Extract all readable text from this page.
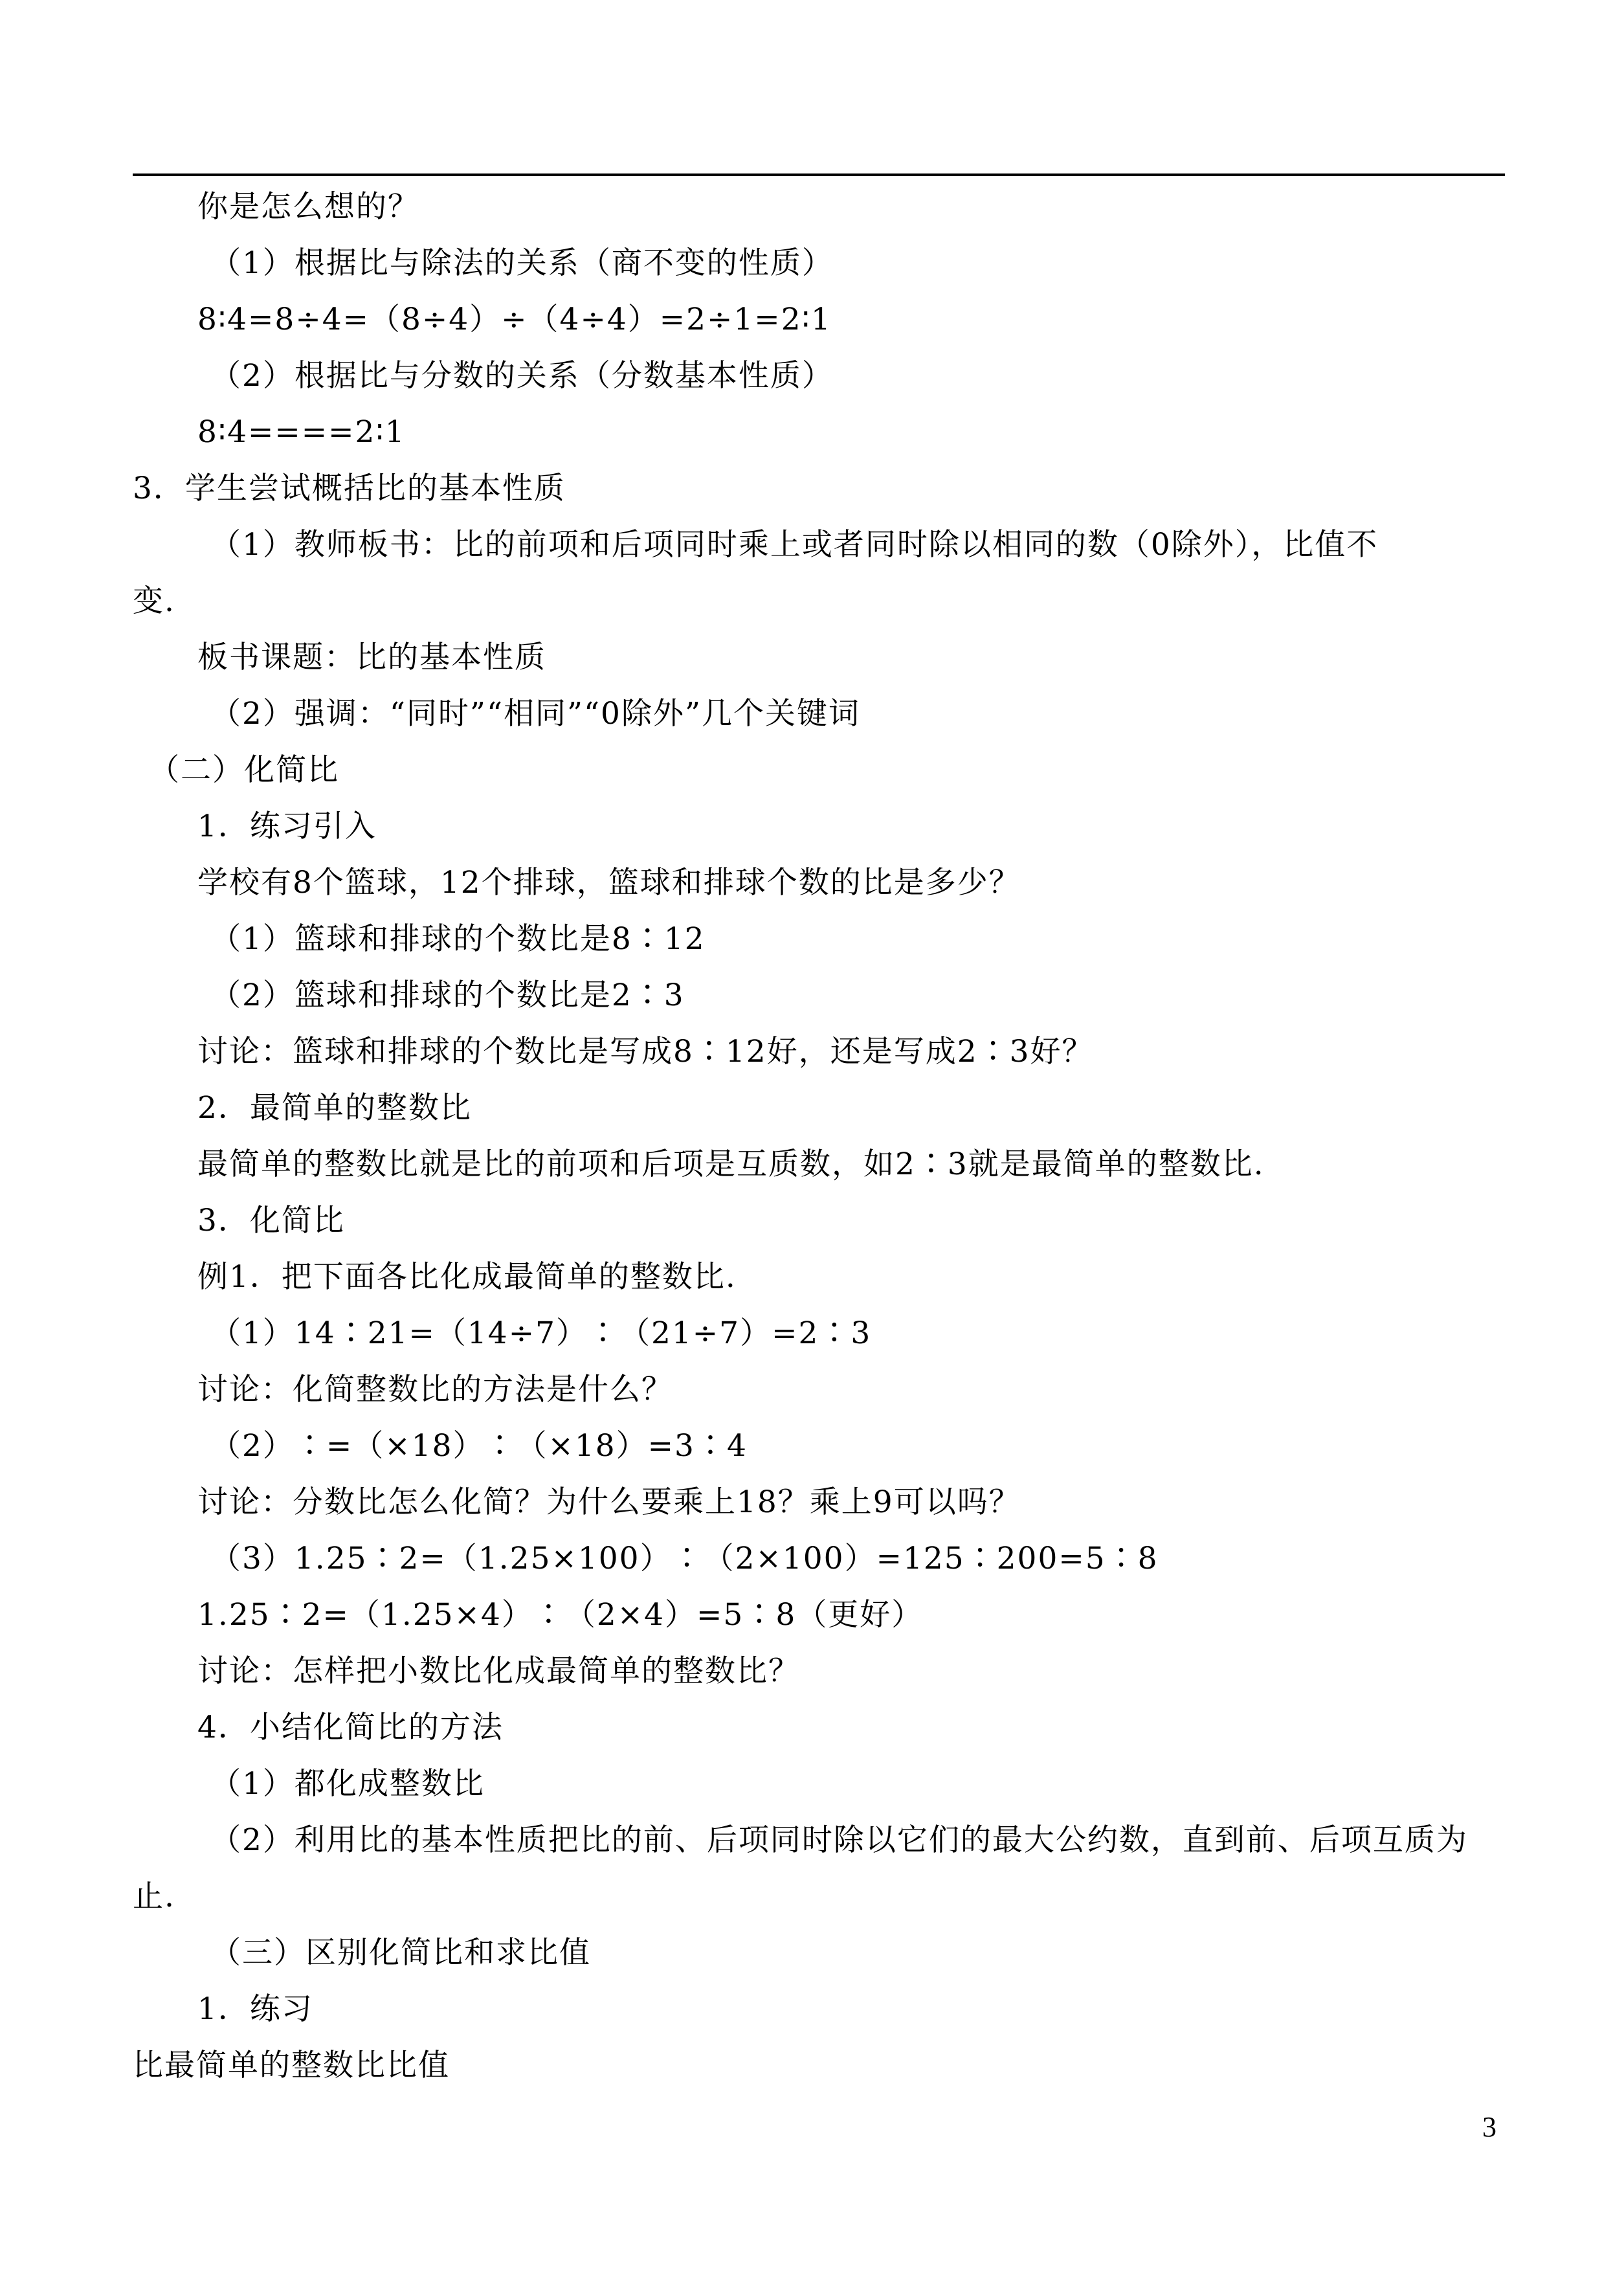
你是怎么想的？
（1）根据比与除法的关系（商不变的性质）
8∶4=8÷4=（8÷4）÷（4÷4）=2÷1=2∶1
（2）根据比与分数的关系（分数基本性质）
8∶4====2∶1
3．学生尝试概括比的基本性质
（1）教师板书：比的前项和后项同时乘上或者同时除以相同的数（0除外），比值不
变.
板书课题：比的基本性质
（2）强调：“同时”“相同”“0除外”几个关键词
（二）化简比
1．练习引入
学校有8个篮球，12个排球，篮球和排球个数的比是多少？
（1）篮球和排球的个数比是8∶12
（2）篮球和排球的个数比是2∶3
讨论：篮球和排球的个数比是写成8∶12好，还是写成2∶3好？
2．最简单的整数比
最简单的整数比就是比的前项和后项是互质数，如2∶3就是最简单的整数比.
3．化简比
例1．把下面各比化成最简单的整数比.
（1）14∶21=（14÷7）∶（21÷7）=2∶3
讨论：化简整数比的方法是什么？
（2）∶=（×18）∶（×18）=3∶4
讨论：分数比怎么化简？为什么要乘上18？乘上9可以吗？
（3）1.25∶2=（1.25×100）∶（2×100）=125∶200=5∶8
1.25∶2=（1.25×4）∶（2×4）=5∶8（更好）
讨论：怎样把小数比化成最简单的整数比？
4．小结化简比的方法
（1）都化成整数比
（2）利用比的基本性质把比的前、后项同时除以它们的最大公约数，直到前、后项互质为
止.
（三）区别化简比和求比值
1．练习
比最简单的整数比比值
3
